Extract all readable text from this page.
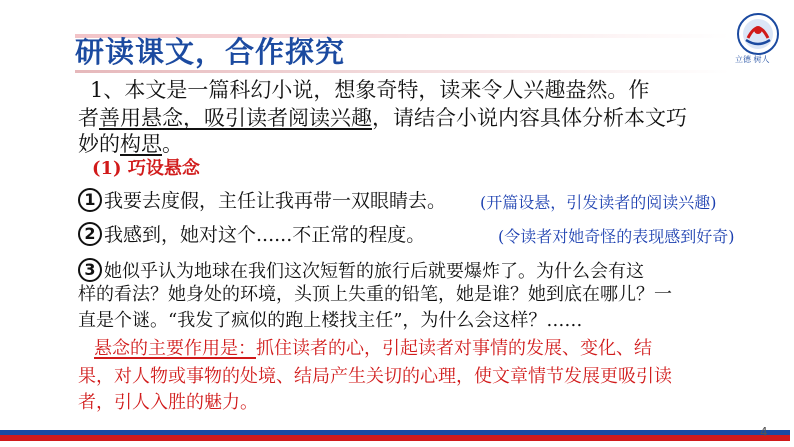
研读课文，合作探究	立德 树人
1、本文是一篇科幻小说，想象奇特，读来令人兴趣盎然。作
者善用悬念，吸引读者阅读兴趣，请结合小说内容具体分析本文巧
妙的构思。
(1) 巧设悬念
1 我要去度假，主任让我再带一双眼睛去。 (开篇设悬，引发读者的阅读兴趣)
2 我感到，她对这个......不正常的程度。	(令读者对她奇怪的表现感到好奇)
3 她似乎认为地球在我们这次短暂的旅行后就要爆炸了。为什么会有这
样的看法？她身处的环境，头顶上失重的铅笔，她是谁？她到底在哪儿？一
直是个谜。“我发了疯似的跑上楼找主任”，为什么会这样？……
悬念的主要作用是：抓住读者的心，引起读者对事情的发展、变化、结
果，对人物或事物的处境、结局产生关切的心理，使文章情节发展更吸引读
者，引人入胜的魅力。
4
